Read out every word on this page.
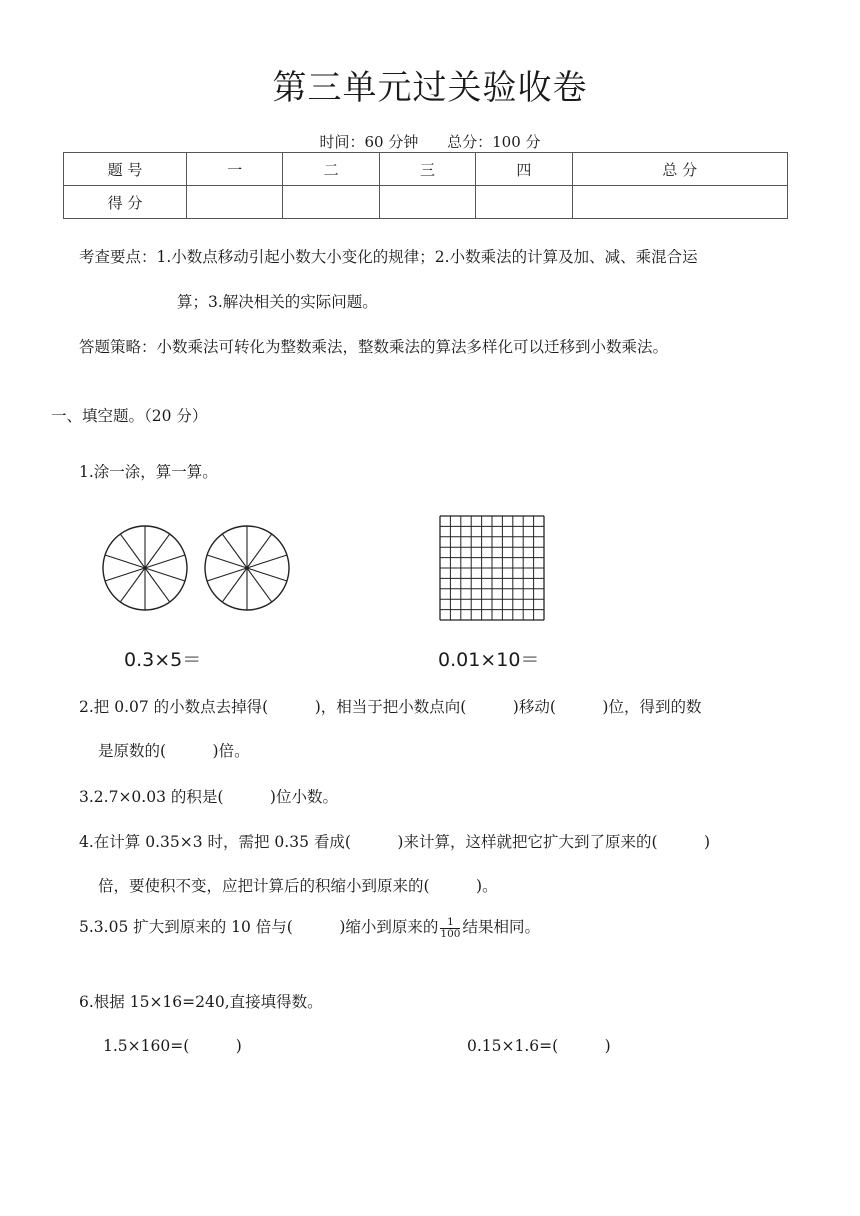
第三单元过关验收卷
时间：60 分钟 总分：100 分
题 号	一	二	三	四	总 分
得 分					
考查要点：1.小数点移动引起小数大小变化的规律；2.小数乘法的计算及加、减、乘混合运
算；3.解决相关的实际问题。
答题策略：小数乘法可转化为整数乘法，整数乘法的算法多样化可以迁移到小数乘法。
一、填空题。（20 分）
1.涂一涂，算一算。
0.3×5＝	0.01×10＝
2.把 0.07 的小数点去掉得(　　　)，相当于把小数点向(　　　)移动(　　　)位，得到的数
是原数的(　　　)倍。
3.2.7×0.03 的积是(　　　)位小数。
4.在计算 0.35×3 时，需把 0.35 看成(　　　)来计算，这样就把它扩大到了原来的(　　　)
倍，要使积不变，应把计算后的积缩小到原来的(　　　)。
5.3.05 扩大到原来的 10 倍与(　　　)缩小到原来的 $\frac{1}{100}$ 结果相同。
6.根据 15×16=240,直接填得数。
1.5×160=(　　　)	0.15×1.6=(　　　)
